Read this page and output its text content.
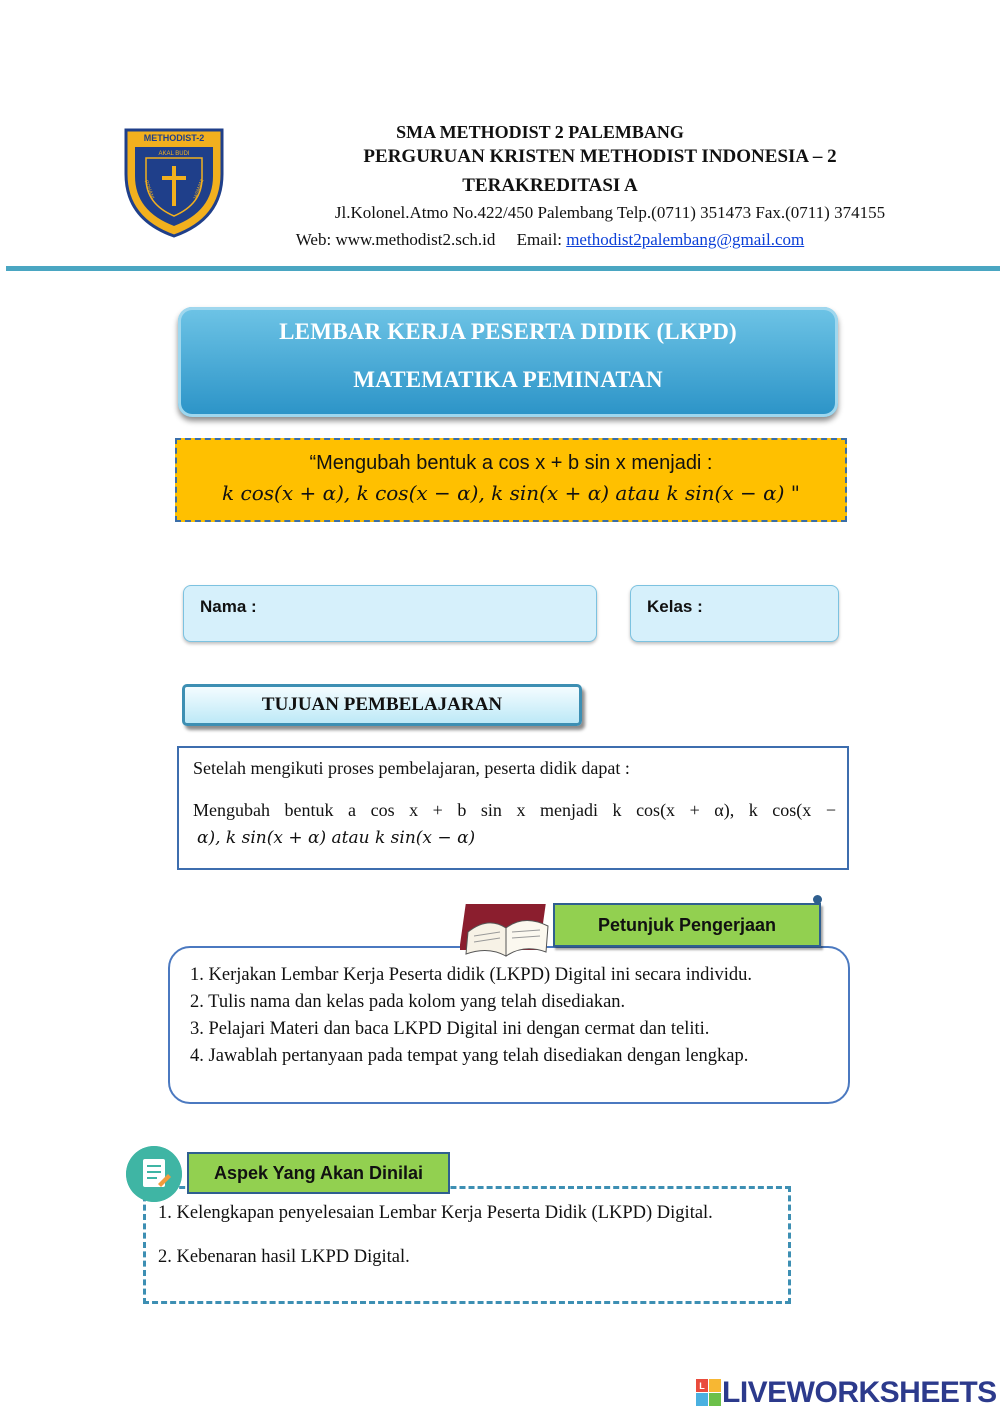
METHODIST-2
AKAL BUDI
ROHANI	JASMANI
SMA METHODIST 2 PALEMBANG
PERGURUAN KRISTEN METHODIST INDONESIA – 2
TERAKREDITASI A
Jl.Kolonel.Atmo No.422/450 Palembang Telp.(0711) 351473 Fax.(0711) 374155
Web: www.methodist2.sch.id Email: methodist2palembang@gmail.com
LEMBAR KERJA PESERTA DIDIK (LKPD)
MATEMATIKA PEMINATAN
“Mengubah bentuk a cos x + b sin x menjadi :
k cos(x + α), k cos(x − α), k sin(x + α) atau k sin(x − α) "
Nama :	Kelas :
TUJUAN PEMBELAJARAN
Setelah mengikuti proses pembelajaran, peserta didik dapat :
Mengubah bentuk a cos x + b sin x menjadi k cos(x + α), k cos(x −
α), k sin(x + α) atau k sin(x − α)
1. Kerjakan Lembar Kerja Peserta didik (LKPD) Digital ini secara individu.
2. Tulis nama dan kelas pada kolom yang telah disediakan.
3. Pelajari Materi dan baca LKPD Digital ini dengan cermat dan teliti.
4. Jawablah pertanyaan pada tempat yang telah disediakan dengan lengkap.
Petunjuk Pengerjaan
1. Kelengkapan penyelesaian Lembar Kerja Peserta Didik (LKPD) Digital.
2. Kebenaran hasil LKPD Digital.
Aspek Yang Akan Dinilai
L LIVEWORKSHEETS
